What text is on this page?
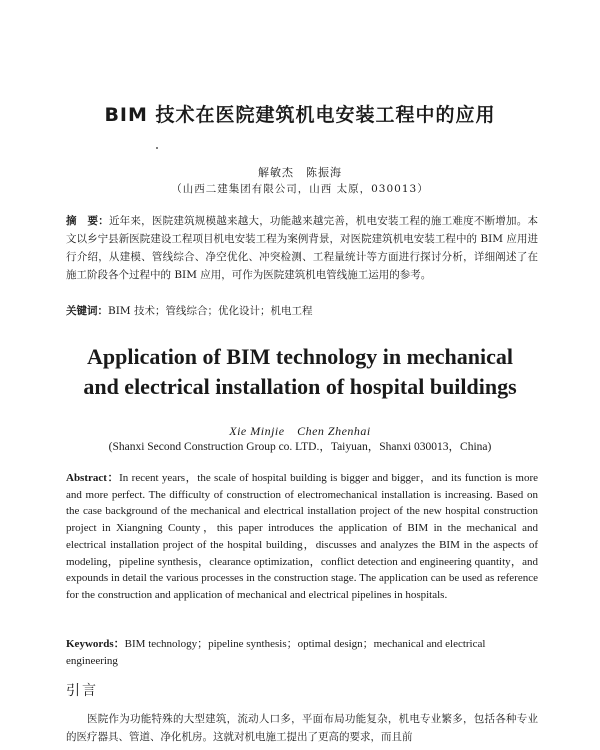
BIM 技术在医院建筑机电安装工程中的应用
解敏杰　陈振海
（山西二建集团有限公司，山西 太原，030013）
摘　要：近年来，医院建筑规模越来越大，功能越来越完善，机电安装工程的施工难度不断增加。本文以乡宁县新医院建设工程项目机电安装工程为案例背景，对医院建筑机电安装工程中的 BIM 应用进行介绍，从建模、管线综合、净空优化、冲突检测、工程量统计等方面进行探讨分析，详细阐述了在施工阶段各个过程中的 BIM 应用，可作为医院建筑机电管线施工运用的参考。
关键词：BIM 技术；管线综合；优化设计；机电工程
Application of BIM technology in mechanical
and electrical installation of hospital buildings
Xie Minjie　Chen Zhenhai
(Shanxi Second Construction Group co. LTD.，Taiyuan，Shanxi 030013，China)
Abstract：In recent years，the scale of hospital building is bigger and bigger，and its function is more and more perfect. The difficulty of construction of electromechanical installation is increasing. Based on the case background of the mechanical and electrical installation project of the new hospital construction project in Xiangning County，this paper introduces the application of BIM in the mechanical and electrical installation project of the hospital building，discusses and analyzes the BIM in the aspects of modeling，pipeline synthesis，clearance optimization，conflict detection and engineering quantity，and expounds in detail the various processes in the construction stage. The application can be used as reference for the construction and application of mechanical and electrical pipelines in hospitals.
Keywords：BIM technology；pipeline synthesis；optimal design；mechanical and electrical engineering
引言
医院作为功能特殊的大型建筑，流动人口多，平面布局功能复杂，机电专业繁多，包括各种专业的医疗器具、管道、净化机房。这就对机电施工提出了更高的要求，而且前
